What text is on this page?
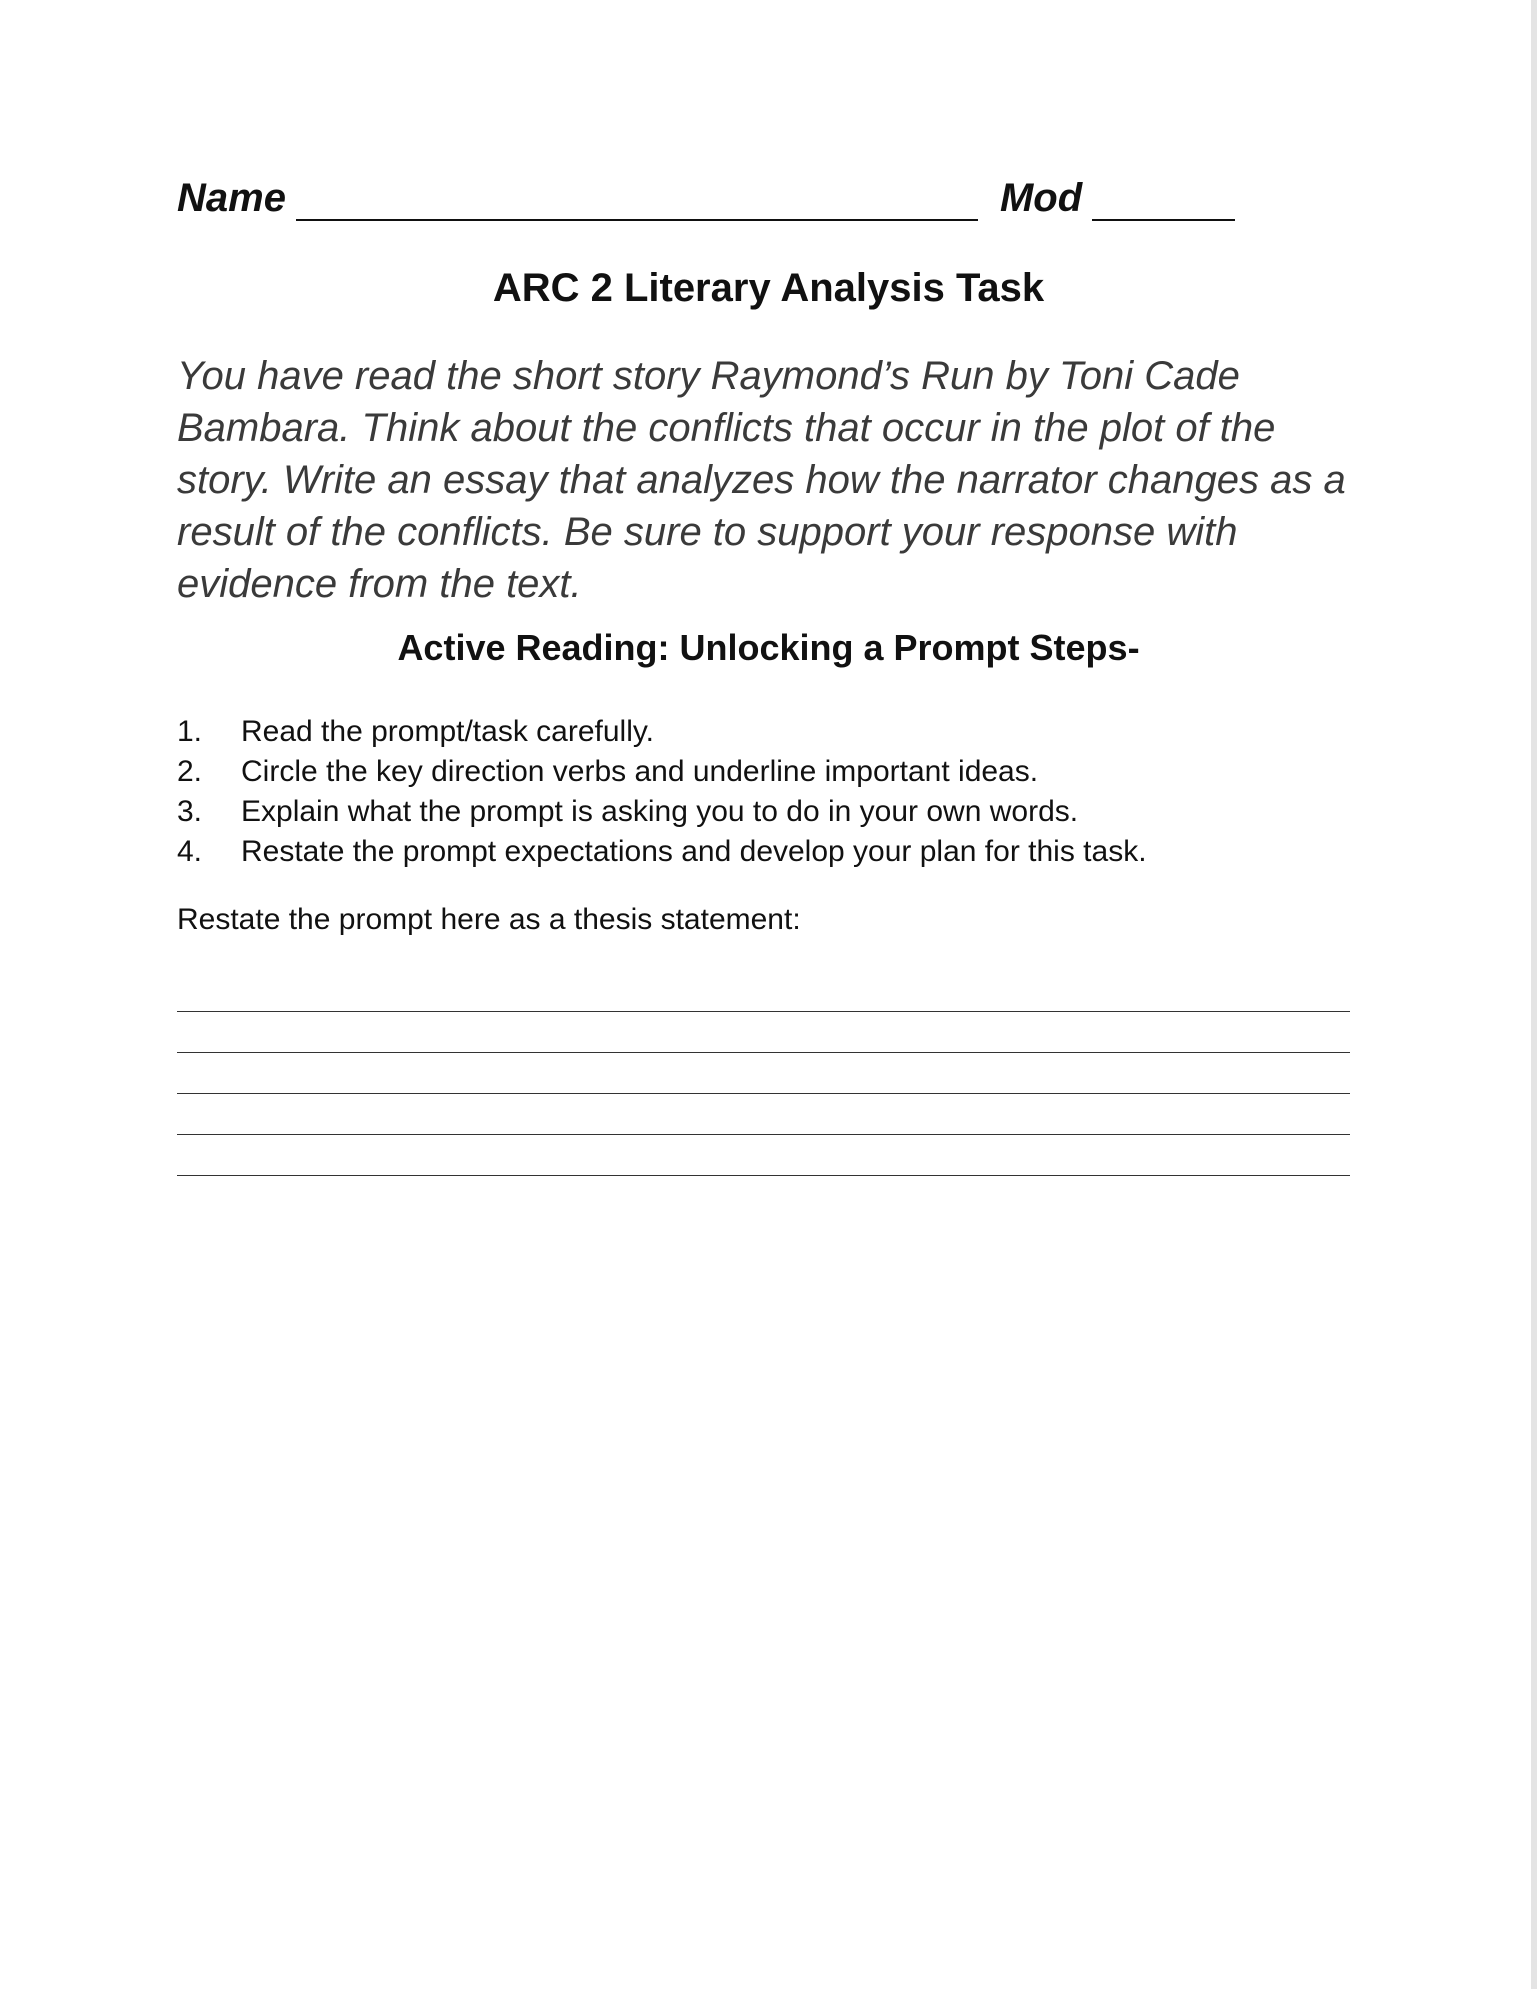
Name	Mod
ARC 2 Literary Analysis Task
You have read the short story Raymond’s Run by Toni Cade Bambara. Think about the conflicts that occur in the plot of the story. Write an essay that analyzes how the narrator changes as a result of the conflicts. Be sure to support your response with evidence from the text.
Active Reading: Unlocking a Prompt Steps-
1. Read the prompt/task carefully.
2. Circle the key direction verbs and underline important ideas.
3. Explain what the prompt is asking you to do in your own words.
4. Restate the prompt expectations and develop your plan for this task.
Restate the prompt here as a thesis statement:
